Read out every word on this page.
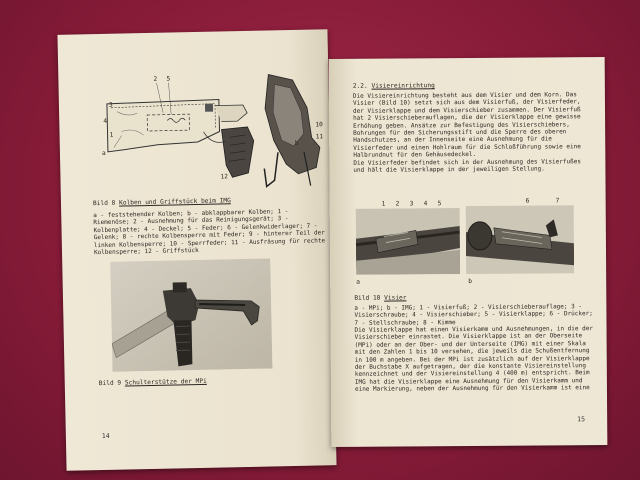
a
b
2 5
4
1
3
12
10
11
Bild 8 Kolben und Griffstück beim IMG
a - feststehender Kolben; b - abklappbarer Kolben; 1 - Riemenöse; 2 - Ausnehmung für das Reinigungsgerät; 3 - Kolbenplatte; 4 - Deckel; 5 - Feder; 6 - Gelenkwiderlager; 7 - Gelenk; 8 - rechte Kolbensperre mit Feder; 9 - hinterer Teil der linken Kolbensperre; 10 - Sperrfeder; 11 - Ausfräsung für rechte Kolbensperre; 12 - Griffstück
Bild 9 Schulterstütze der MPi
14
2.2. Visiereinrichtung
Die Visiereinrichtung besteht aus dem Visier und dem Korn. Das Visier (Bild 10) setzt sich aus dem Visierfuß, der Visierfeder, der Visierklappe und dem Visierschieber zusammen. Der Visierfuß hat 2 Visierschieberauflagen, die der Visierklappe eine gewisse Erhöhung geben. Ansätze zur Befestigung des Visierschiebers, Bohrungen für den Sicherungsstift und die Sperre des oberen Handschutzes, an der Innenseite eine Ausnehmung für die Visierfeder und einen Hohlraum für die Schloßführung sowie eine Halbrundnut für den Gehäusedeckel.
Die Visierfeder befindet sich in der Ausnehmung des Visierfußes und hält die Visierklappe in der jeweiligen Stellung.
1 2 3 4 5	6	7
a	b
Bild 10 Visier
a - MPi; b - IMG; 1 - Visierfuß; 2 - Visierschieberauflage; 3 - Visierschraube; 4 - Visierschieber; 5 - Visierklappe; 6 - Drücker; 7 - Stellschraube; 8 - Kimme
Die Visierklappe hat einen Visierkamm und Ausnehmungen, in die der Visierschieber einrastet. Die Visierklappe ist an der Oberseite (MPi) oder an der Ober- und der Unterseite (IMG) mit einer Skala mit den Zahlen 1 bis 10 versehen, die jeweils die Schußentfernung in 100 m angeben. Bei der MPi ist zusätzlich auf der Visierklappe der Buchstabe X aufgetragen, der die konstante Visiereinstellung kennzeichnet und der Visiereinstellung 4 (400 m) entspricht. Beim IMG hat die Visierklappe eine Ausnehmung für den Visierkamm und eine Markierung, neben der Ausnehmung für den Visierkamm ist eine
15
